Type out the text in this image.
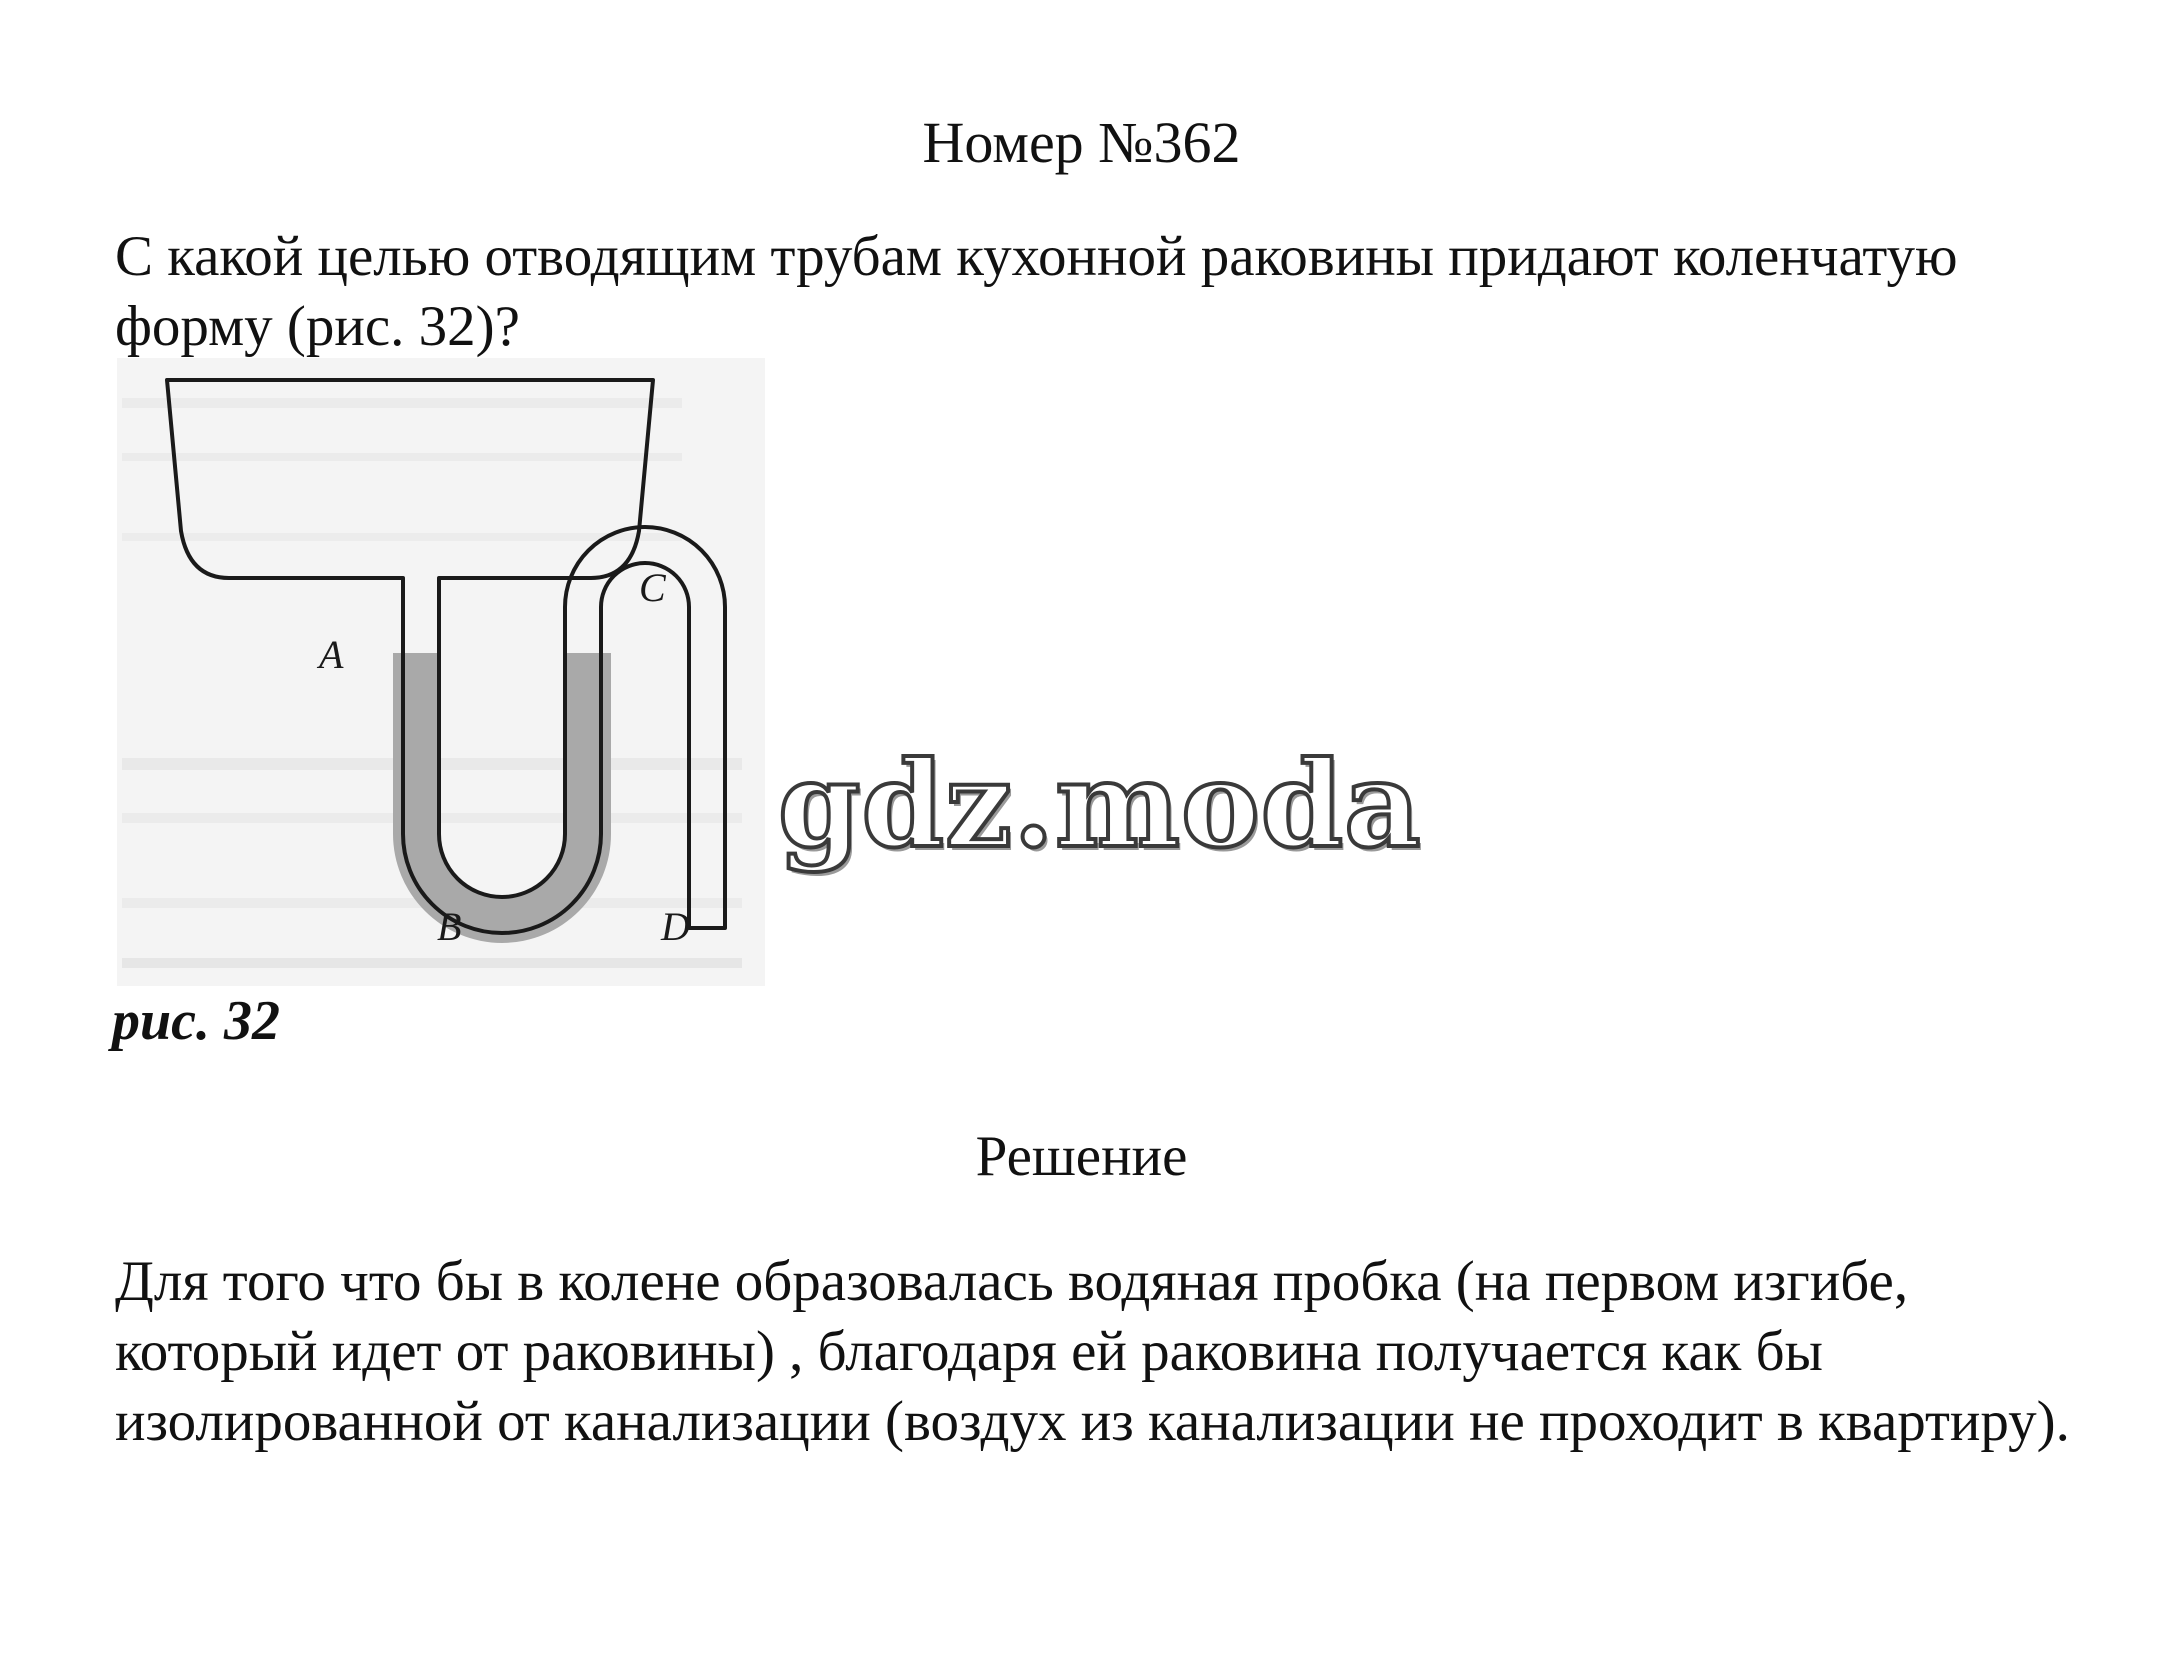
Номер №362

С какой целью отводящим трубам кухонной раковины придают коленчатую форму (рис. 32)?

A
B
C
D

рис. 32

gdz.moda
Решение

Для того что бы в колене образовалась водяная пробка (на первом изгибе, который идет от раковины) , благодаря ей раковина получается как бы изолированной от канализации (воздух из канализации не проходит в квартиру).
